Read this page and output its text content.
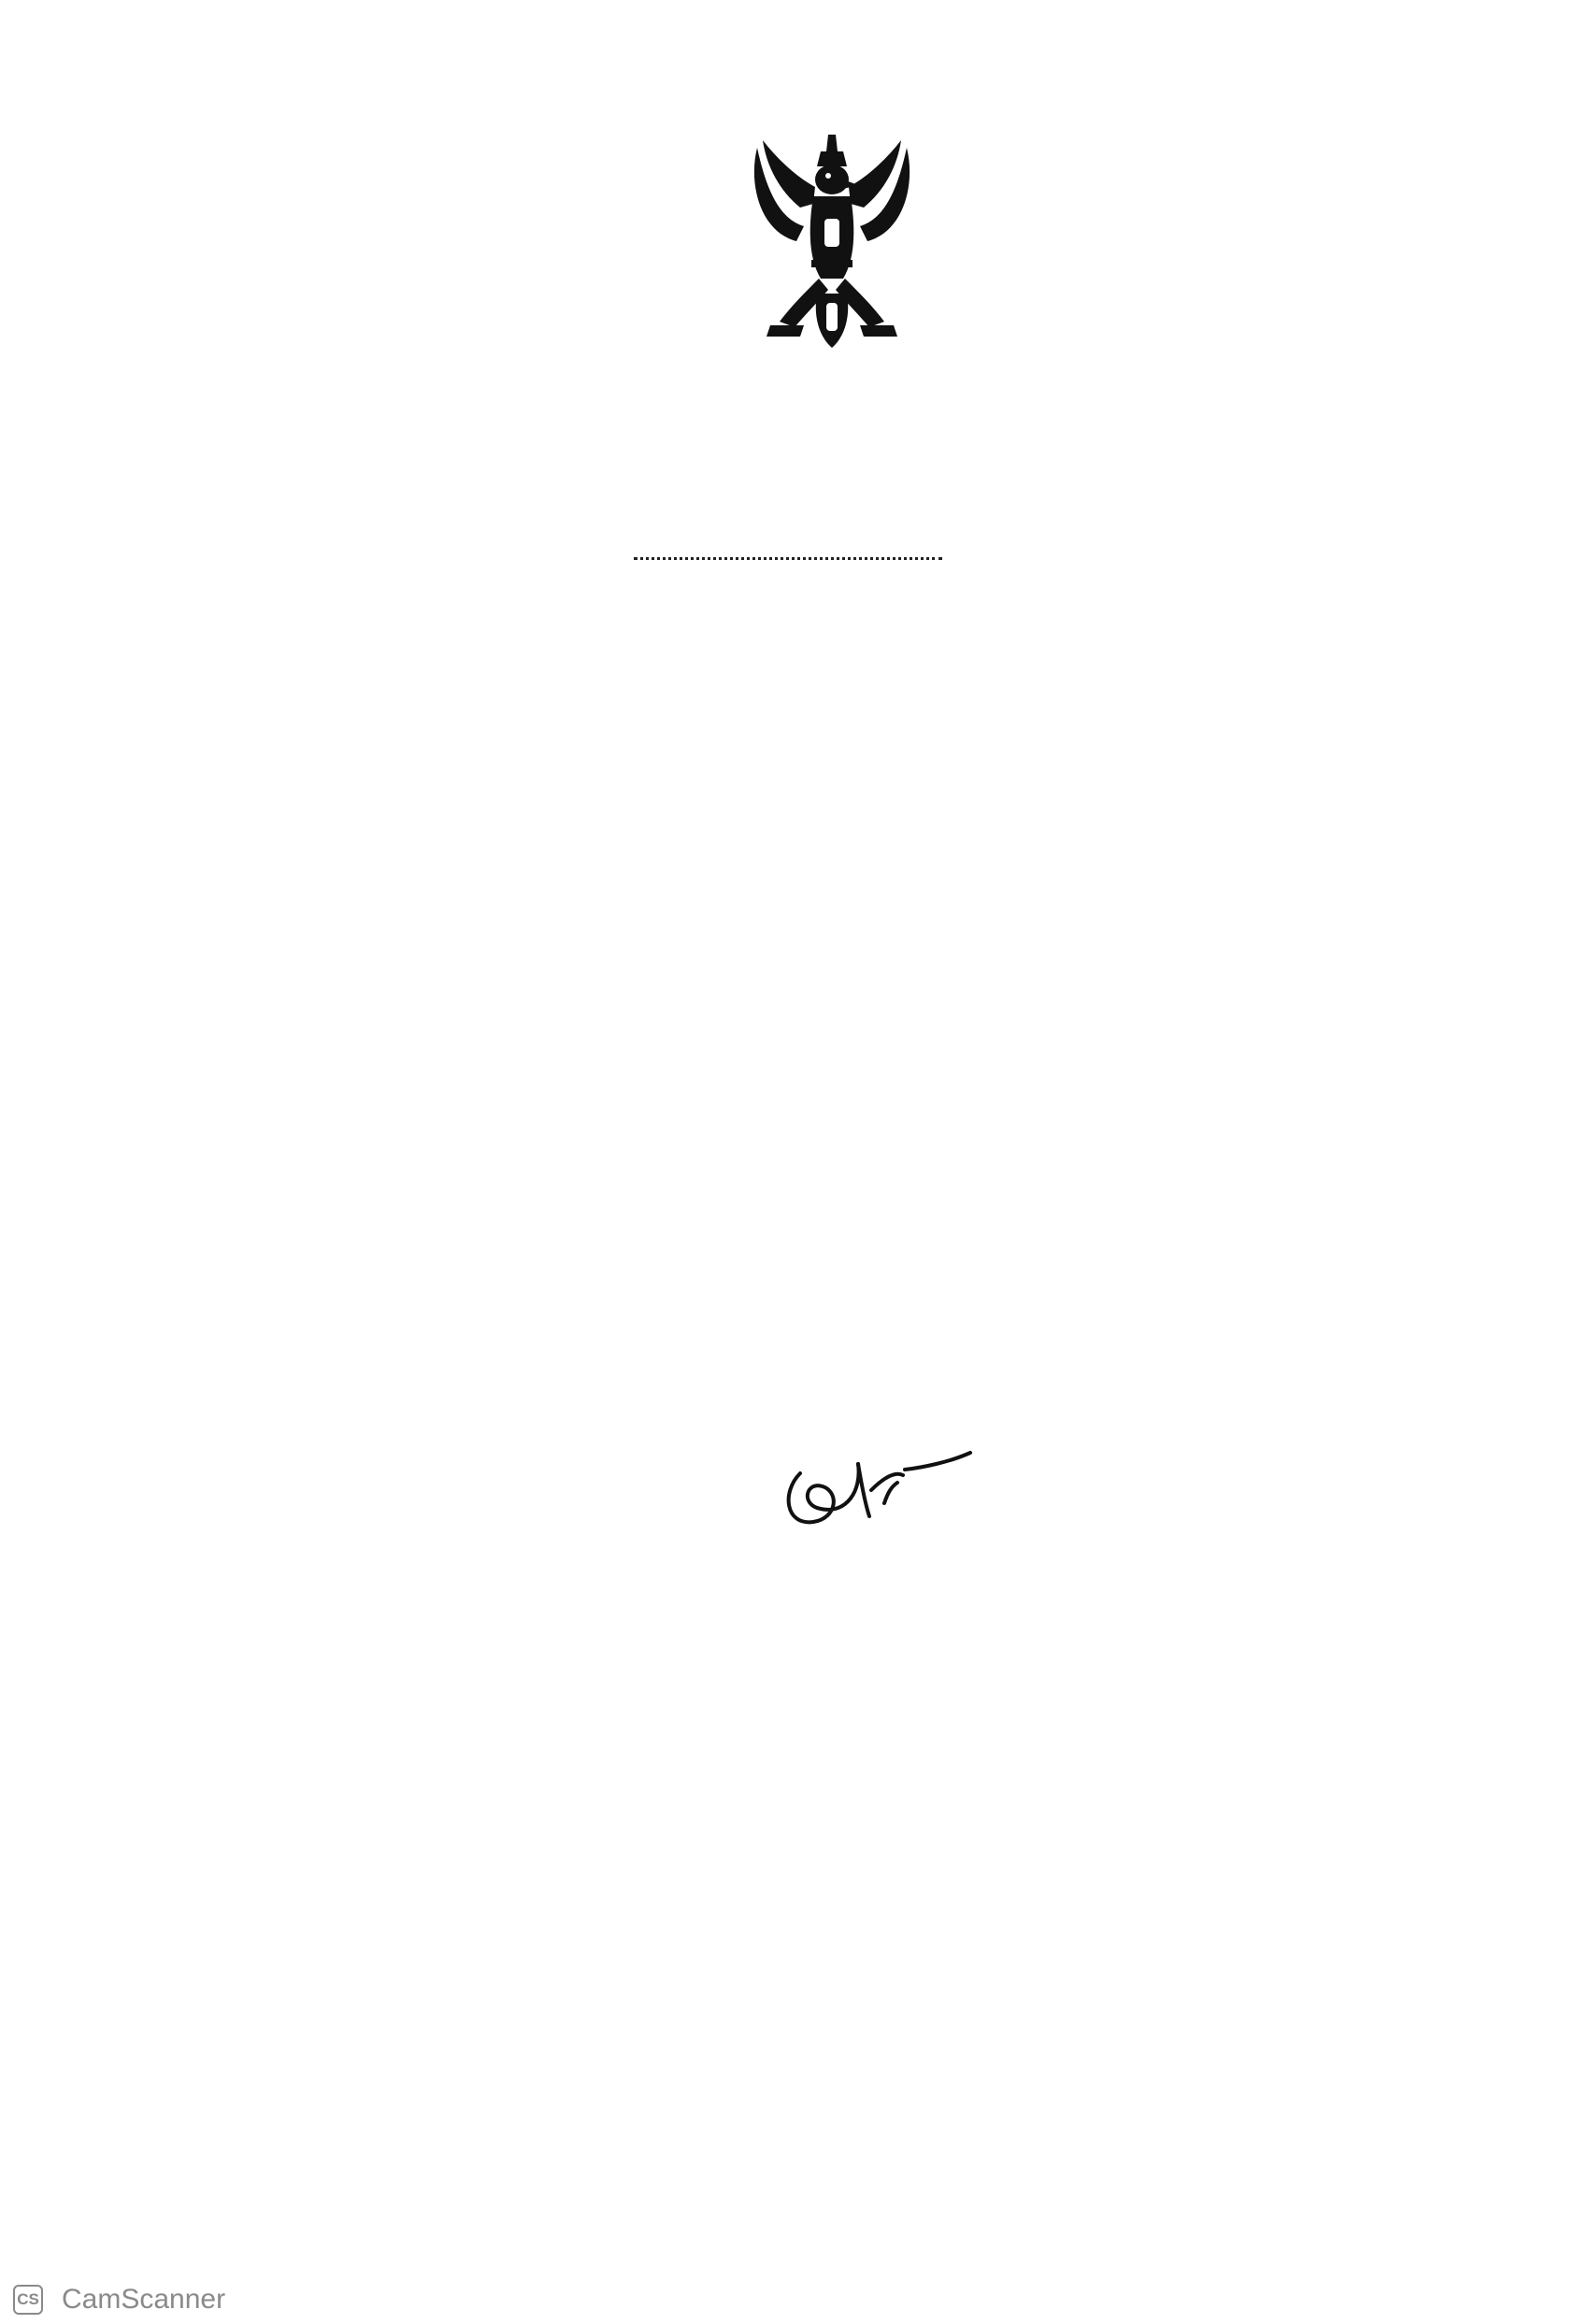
CS CamScanner
